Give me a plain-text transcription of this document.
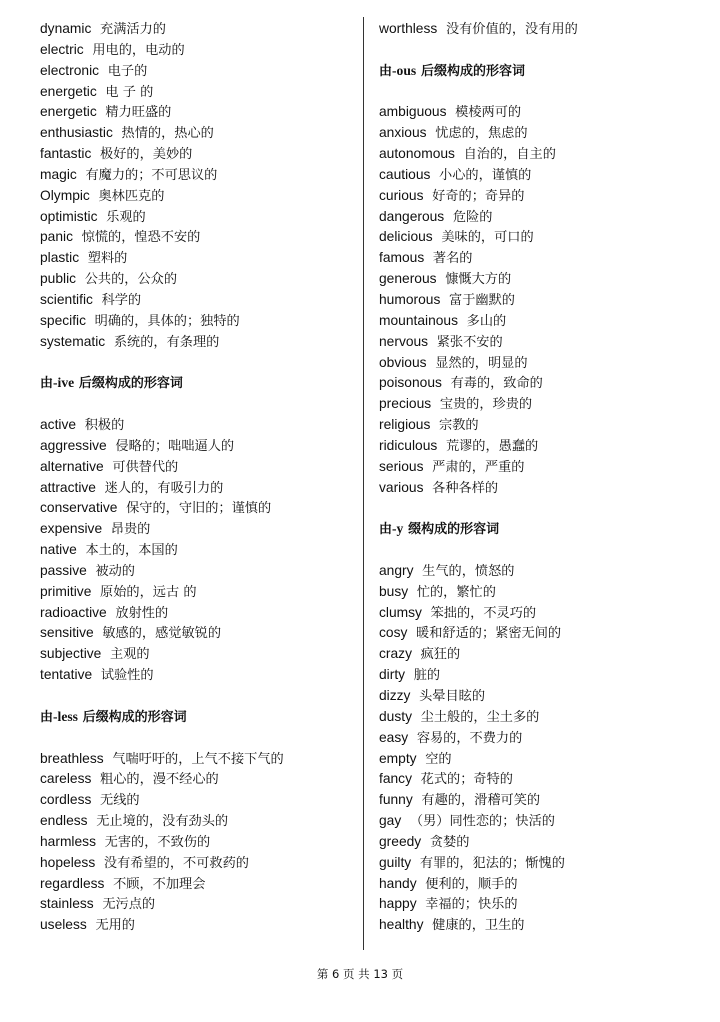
dynamic 充满活力的
electric 用电的，电动的
electronic 电子的
energetic 电 子 的
energetic 精力旺盛的
enthusiastic 热情的，热心的
fantastic 极好的，美妙的
magic 有魔力的；不可思议的
Olympic 奥林匹克的
optimistic 乐观的
panic 惊慌的，惶恐不安的
plastic 塑料的
public 公共的，公众的
scientific 科学的
specific 明确的，具体的；独特的
systematic 系统的，有条理的
由-ive 后缀构成的形容词
active 积极的
aggressive 侵略的；咄咄逼人的
alternative 可供替代的
attractive 迷人的，有吸引力的
conservative 保守的，守旧的；谨慎的
expensive 昂贵的
native 本土的，本国的
passive 被动的
primitive 原始的，远古 的
radioactive 放射性的
sensitive 敏感的，感觉敏锐的
subjective 主观的
tentative 试验性的
由-less 后缀构成的形容词
breathless 气喘吁吁的，上气不接下气的
careless 粗心的，漫不经心的
cordless 无线的
endless 无止境的，没有劲头的
harmless 无害的，不致伤的
hopeless 没有希望的，不可救药的
regardless 不顾，不加理会
stainless 无污点的
useless 无用的
worthless 没有价值的，没有用的
由-ous 后缀构成的形容词
ambiguous 模棱两可的
anxious 忧虑的，焦虑的
autonomous 自治的，自主的
cautious 小心的，谨慎的
curious 好奇的；奇异的
dangerous 危险的
delicious 美味的，可口的
famous 著名的
generous 慷慨大方的
humorous 富于幽默的
mountainous 多山的
nervous 紧张不安的
obvious 显然的，明显的
poisonous 有毒的，致命的
precious 宝贵的，珍贵的
religious 宗教的
ridiculous 荒谬的，愚蠢的
serious 严肃的，严重的
various 各种各样的
由-y 缀构成的形容词
angry 生气的，愤怒的
busy 忙的，繁忙的
clumsy 笨拙的，不灵巧的
cosy 暖和舒适的；紧密无间的
crazy 疯狂的
dirty 脏的
dizzy 头晕目眩的
dusty 尘土般的，尘土多的
easy 容易的，不费力的
empty 空的
fancy 花式的；奇特的
funny 有趣的，滑稽可笑的
gay （男）同性恋的；快活的
greedy 贪婪的
guilty 有罪的，犯法的；惭愧的
handy 便利的，顺手的
happy 幸福的；快乐的
healthy 健康的，卫生的
第 6 页 共 13 页
